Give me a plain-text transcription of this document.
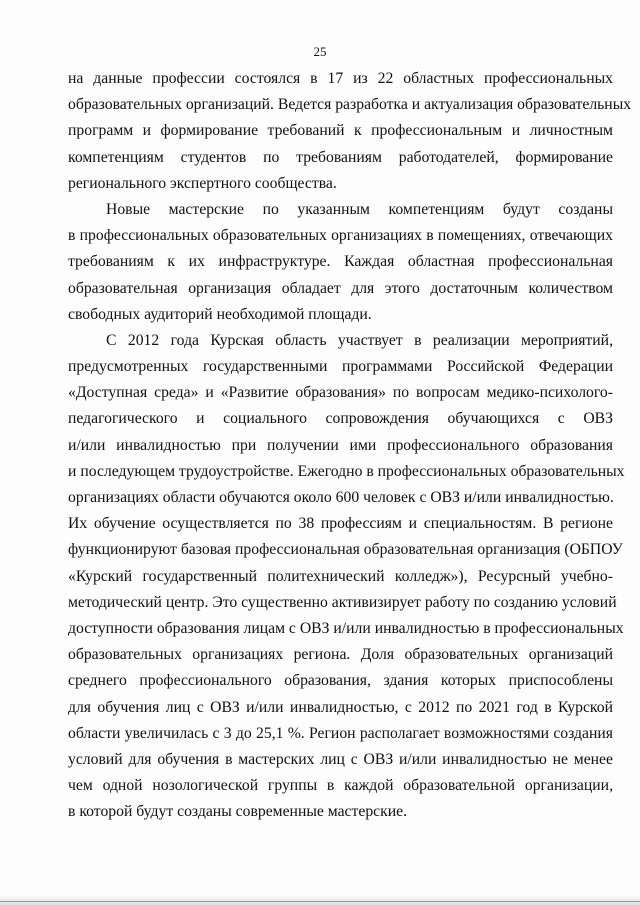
25
на данные профессии состоялся в 17 из 22 областных профессиональных
образовательных организаций. Ведется разработка и актуализация образовательных
программ и формирование требований к профессиональным и личностным
компетенциям студентов по требованиям работодателей, формирование
регионального экспертного сообщества.
Новые мастерские по указанным компетенциям будут созданы
в профессиональных образовательных организациях в помещениях, отвечающих
требованиям к их инфраструктуре. Каждая областная профессиональная
образовательная организация обладает для этого достаточным количеством
свободных аудиторий необходимой площади.
С 2012 года Курская область участвует в реализации мероприятий,
предусмотренных государственными программами Российской Федерации
«Доступная среда» и «Развитие образования» по вопросам медико-психолого-
педагогического и социального сопровождения обучающихся с ОВЗ
и/или инвалидностью при получении ими профессионального образования
и последующем трудоустройстве. Ежегодно в профессиональных образовательных
организациях области обучаются около 600 человек с ОВЗ и/или инвалидностью.
Их обучение осуществляется по 38 профессиям и специальностям. В регионе
функционируют базовая профессиональная образовательная организация (ОБПОУ
«Курский государственный политехнический колледж»), Ресурсный учебно-
методический центр. Это существенно активизирует работу по созданию условий
доступности образования лицам с ОВЗ и/или инвалидностью в профессиональных
образовательных организациях региона. Доля образовательных организаций
среднего профессионального образования, здания которых приспособлены
для обучения лиц с ОВЗ и/или инвалидностью, с 2012 по 2021 год в Курской
области увеличилась с 3 до 25,1 %. Регион располагает возможностями создания
условий для обучения в мастерских лиц с ОВЗ и/или инвалидностью не менее
чем одной нозологической группы в каждой образовательной организации,
в которой будут созданы современные мастерские.
